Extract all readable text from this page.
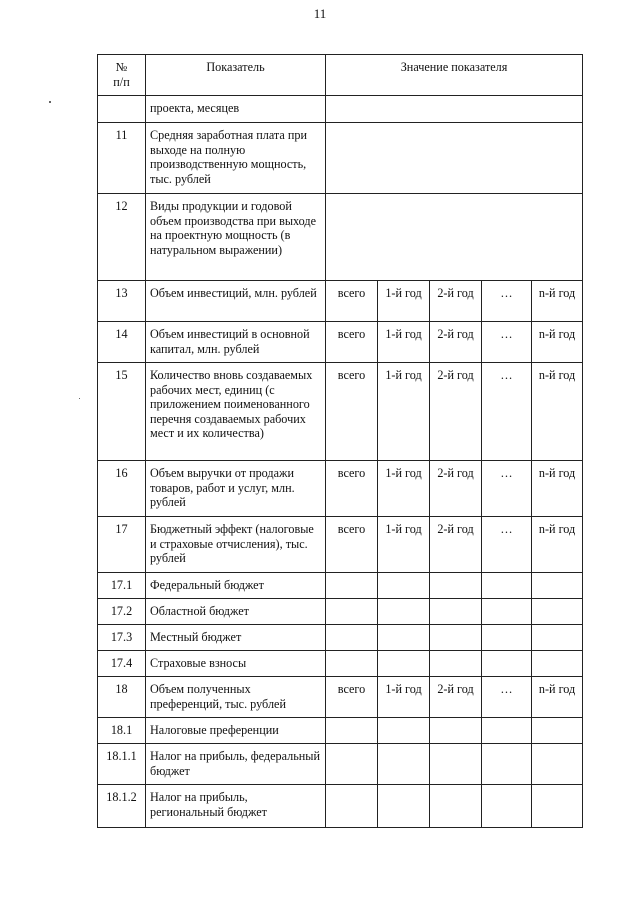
11
№
п/п	Показатель	Значение показателя				
	проекта, месяцев					
11	Средняя заработная плата при выходе на полную производственную мощность, тыс. рублей					
12	Виды продукции и годовой объем производства при выходе на проектную мощность (в натуральном выражении)					
13	Объем инвестиций, млн. рублей	всего	1-й год	2-й год	…	n-й год
14	Объем инвестиций в основной капитал, млн. рублей	всего	1-й год	2-й год	…	n-й год
15	Количество вновь создаваемых рабочих мест, единиц (с приложением поименованного перечня создаваемых рабочих мест и их количества)	всего	1-й год	2-й год	…	n-й год
16	Объем выручки от продажи товаров, работ и услуг, млн. рублей	всего	1-й год	2-й год	…	n-й год
17	Бюджетный эффект (налоговые и страховые отчисления), тыс. рублей	всего	1-й год	2-й год	…	n-й год
17.1	Федеральный бюджет					
17.2	Областной бюджет					
17.3	Местный бюджет					
17.4	Страховые взносы					
18	Объем полученных преференций, тыс. рублей	всего	1-й год	2-й год	…	n-й год
18.1	Налоговые преференции					
18.1.1	Налог на прибыль, федеральный бюджет					
18.1.2	Налог на прибыль, региональный бюджет					
